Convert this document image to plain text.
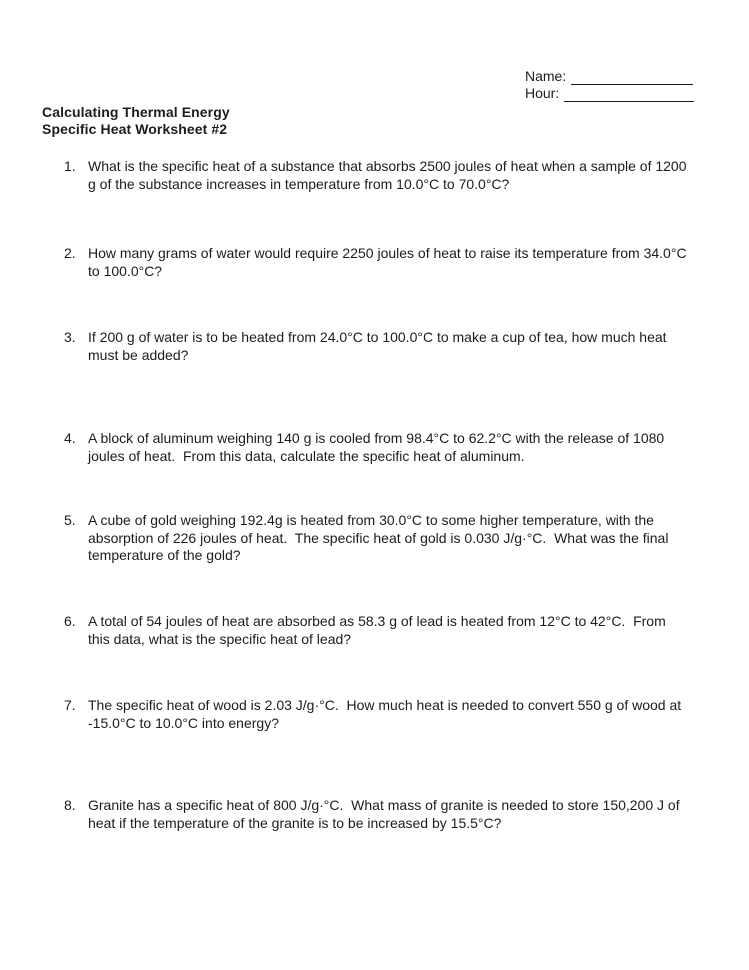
Name:
Hour:
Calculating Thermal Energy
Specific Heat Worksheet #2
1. What is the specific heat of a substance that absorbs 2500 joules of heat when a sample of 1200 g of the substance increases in temperature from 10.0°C to 70.0°C?
2. How many grams of water would require 2250 joules of heat to raise its temperature from 34.0°C to 100.0°C?
3. If 200 g of water is to be heated from 24.0°C to 100.0°C to make a cup of tea, how much heat must be added?
4. A block of aluminum weighing 140 g is cooled from 98.4°C to 62.2°C with the release of 1080 joules of heat.  From this data, calculate the specific heat of aluminum.
5. A cube of gold weighing 192.4g is heated from 30.0°C to some higher temperature, with the absorption of 226 joules of heat.  The specific heat of gold is 0.030 J/g·°C.  What was the final temperature of the gold?
6. A total of 54 joules of heat are absorbed as 58.3 g of lead is heated from 12°C to 42°C.  From this data, what is the specific heat of lead?
7. The specific heat of wood is 2.03 J/g·°C.  How much heat is needed to convert 550 g of wood at -15.0°C to 10.0°C into energy?
8. Granite has a specific heat of 800 J/g·°C.  What mass of granite is needed to store 150,200 J of heat if the temperature of the granite is to be increased by 15.5°C?
